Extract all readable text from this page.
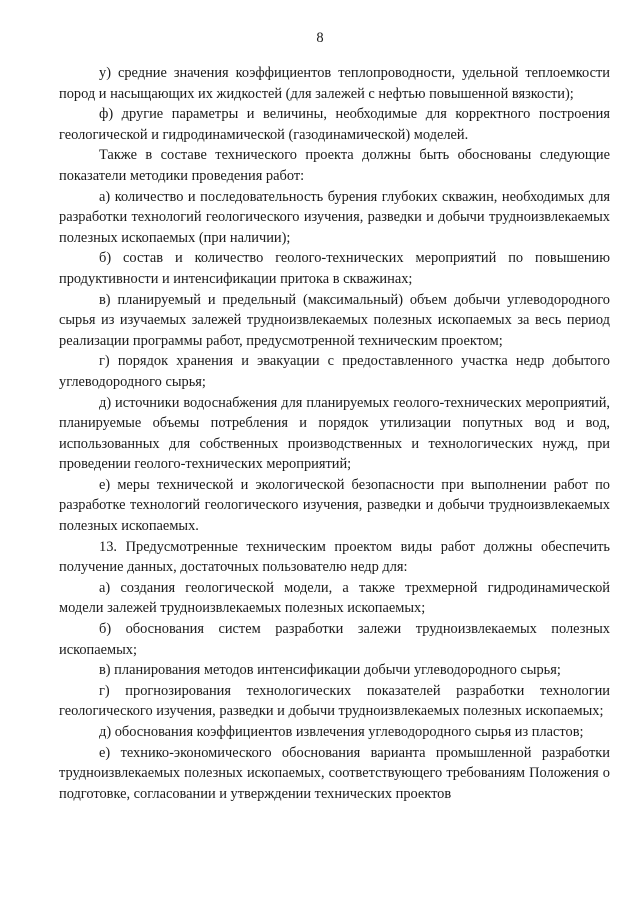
8

у) средние значения коэффициентов теплопроводности, удельной теплоемкости пород и насыщающих их жидкостей (для залежей с нефтью повышенной вязкости);

ф) другие параметры и величины, необходимые для корректного построения геологической и гидродинамической (газодинамической) моделей.

Также в составе технического проекта должны быть обоснованы следующие показатели методики проведения работ:

а) количество и последовательность бурения глубоких скважин, необходимых для разработки технологий геологического изучения, разведки и добычи трудноизвлекаемых полезных ископаемых (при наличии);

б) состав и количество геолого-технических мероприятий по повышению продуктивности и интенсификации притока в скважинах;

в) планируемый и предельный (максимальный) объем добычи углеводородного сырья из изучаемых залежей трудноизвлекаемых полезных ископаемых за весь период реализации программы работ, предусмотренной техническим проектом;

г) порядок хранения и эвакуации с предоставленного участка недр добытого углеводородного сырья;

д) источники водоснабжения для планируемых геолого-технических мероприятий, планируемые объемы потребления и порядок утилизации попутных вод и вод, использованных для собственных производственных и технологических нужд, при проведении геолого-технических мероприятий;

е) меры технической и экологической безопасности при выполнении работ по разработке технологий геологического изучения, разведки и добычи трудноизвлекаемых полезных ископаемых.

13. Предусмотренные техническим проектом виды работ должны обеспечить получение данных, достаточных пользователю недр для:

а) создания геологической модели, а также трехмерной гидродинамической модели залежей трудноизвлекаемых полезных ископаемых;

б) обоснования систем разработки залежи трудноизвлекаемых полезных ископаемых;

в) планирования методов интенсификации добычи углеводородного сырья;

г) прогнозирования технологических показателей разработки технологии геологического изучения, разведки и добычи трудноизвлекаемых полезных ископаемых;

д) обоснования коэффициентов извлечения углеводородного сырья из пластов;

е) технико-экономического обоснования варианта промышленной разработки трудноизвлекаемых полезных ископаемых, соответствующего требованиям Положения о подготовке, согласовании и утверждении технических проектов
